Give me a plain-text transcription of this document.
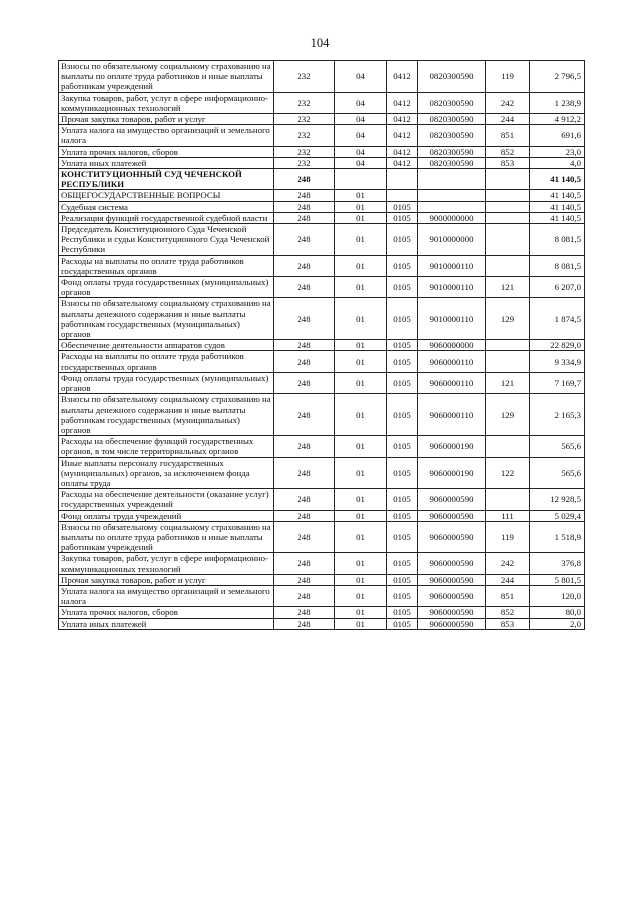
104
Взносы по обязательному социальному страхованию на выплаты по оплате труда работников и иные выплаты работникам учреждений	232	04	0412	0820300590	119	2 796,5
Закупка товаров, работ, услуг в сфере информационно-коммуникационных технологий	232	04	0412	0820300590	242	1 238,9
Прочая закупка товаров, работ и услуг	232	04	0412	0820300590	244	4 912,2
Уплата налога на имущество организаций и земельного налога	232	04	0412	0820300590	851	691,6
Уплата прочих налогов, сборов	232	04	0412	0820300590	852	23,0
Уплата иных платежей	232	04	0412	0820300590	853	4,0
КОНСТИТУЦИОННЫЙ СУД ЧЕЧЕНСКОЙ РЕСПУБЛИКИ	248					41 140,5
ОБЩЕГОСУДАРСТВЕННЫЕ ВОПРОСЫ	248	01				41 140,5
Судебная система	248	01	0105			41 140,5
Реализация функций государственной судебной власти	248	01	0105	9000000000		41 140,5
Председатель Конституционного Суда Чеченской Республики и судьи Конституционного Суда Чеченской Республики	248	01	0105	9010000000		8 081,5
Расходы на выплаты по оплате труда работников государственных органов	248	01	0105	9010000110		8 081,5
Фонд оплаты труда государственных (муниципальных) органов	248	01	0105	9010000110	121	6 207,0
Взносы по обязательному социальному страхованию на выплаты денежного содержания и иные выплаты работникам государственных (муниципальных) органов	248	01	0105	9010000110	129	1 874,5
Обеспечение деятельности аппаратов судов	248	01	0105	9060000000		22 829,0
Расходы на выплаты по оплате труда работников государственных органов	248	01	0105	9060000110		9 334,9
Фонд оплаты труда государственных (муниципальных) органов	248	01	0105	9060000110	121	7 169,7
Взносы по обязательному социальному страхованию на выплаты денежного содержания и иные выплаты работникам государственных (муниципальных) органов	248	01	0105	9060000110	129	2 165,3
Расходы на обеспечение функций государственных органов, в том числе территориальных органов	248	01	0105	9060000190		565,6
Иные выплаты персоналу государственных (муниципальных) органов, за исключением фонда оплаты труда	248	01	0105	9060000190	122	565,6
Расходы на обеспечение деятельности (оказание услуг) государственных учреждений	248	01	0105	9060000590		12 928,5
Фонд оплаты труда учреждений	248	01	0105	9060000590	111	5 029,4
Взносы по обязательному социальному страхованию на выплаты по оплате труда работников и иные выплаты работникам учреждений	248	01	0105	9060000590	119	1 518,9
Закупка товаров, работ, услуг в сфере информационно-коммуникационных технологий	248	01	0105	9060000590	242	376,8
Прочая закупка товаров, работ и услуг	248	01	0105	9060000590	244	5 801,5
Уплата налога на имущество организаций и земельного налога	248	01	0105	9060000590	851	120,0
Уплата прочих налогов, сборов	248	01	0105	9060000590	852	80,0
Уплата иных платежей	248	01	0105	9060000590	853	2,0
